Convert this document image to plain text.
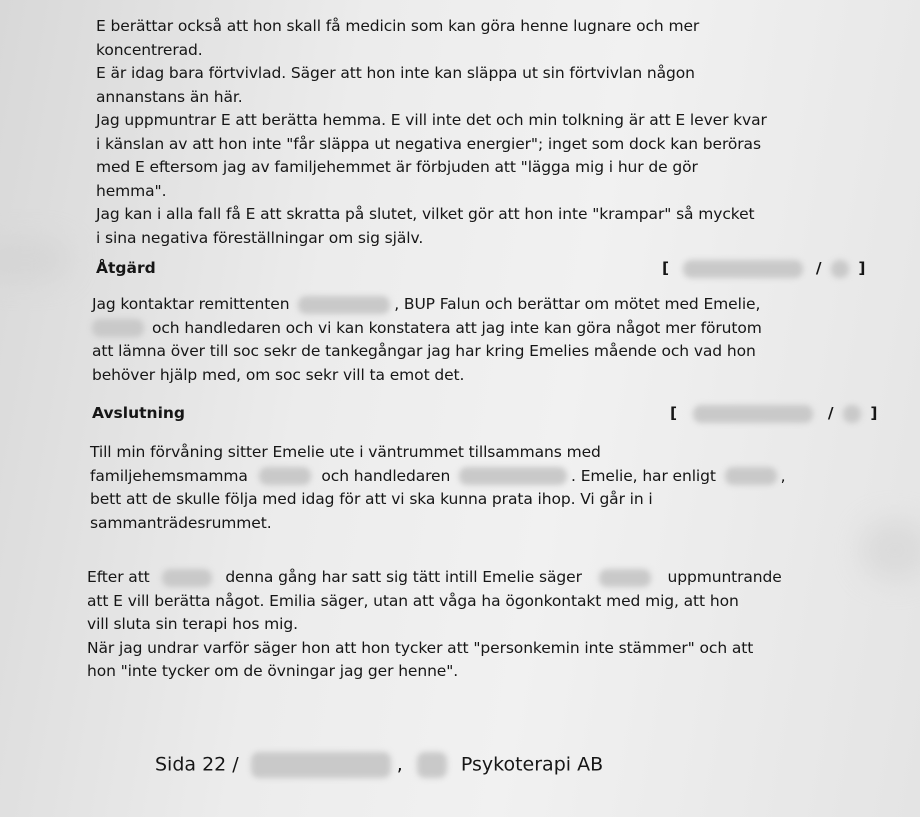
E berättar också att hon skall få medicin som kan göra henne lugnare och mer
koncentrerad.
E är idag bara förtvivlad. Säger att hon inte kan släppa ut sin förtvivlan någon
annanstans än här.
Jag uppmuntrar E att berätta hemma. E vill inte det och min tolkning är att E lever kvar
i känslan av att hon inte "får släppa ut negativa energier"; inget som dock kan beröras
med E eftersom jag av familjehemmet är förbjuden att "lägga mig i hur de gör
hemma".
Jag kan i alla fall få E att skratta på slutet, vilket gör att hon inte "krampar" så mycket
i sina negativa föreställningar om sig själv.
Åtgärd	[	/ ]
Jag kontaktar remittenten	, BUP Falun och berättar om mötet med Emelie,
och handledaren och vi kan konstatera att jag inte kan göra något mer förutom
att lämna över till soc sekr de tankegångar jag har kring Emelies mående och vad hon
behöver hjälp med, om soc sekr vill ta emot det.
Avslutning	[	/ ]
Till min förvåning sitter Emelie ute i väntrummet tillsammans med
familjehemsmamma	och handledaren	. Emelie, har enligt	,
bett att de skulle följa med idag för att vi ska kunna prata ihop. Vi går in i
sammanträdesrummet.
Efter att	denna gång har satt sig tätt intill Emelie säger	uppmuntrande
att E vill berätta något. Emilia säger, utan att våga ha ögonkontakt med mig, att hon
vill sluta sin terapi hos mig.
När jag undrar varför säger hon att hon tycker att "personkemin inte stämmer" och att
hon "inte tycker om de övningar jag ger henne".
Sida 22 /	,	Psykoterapi AB
